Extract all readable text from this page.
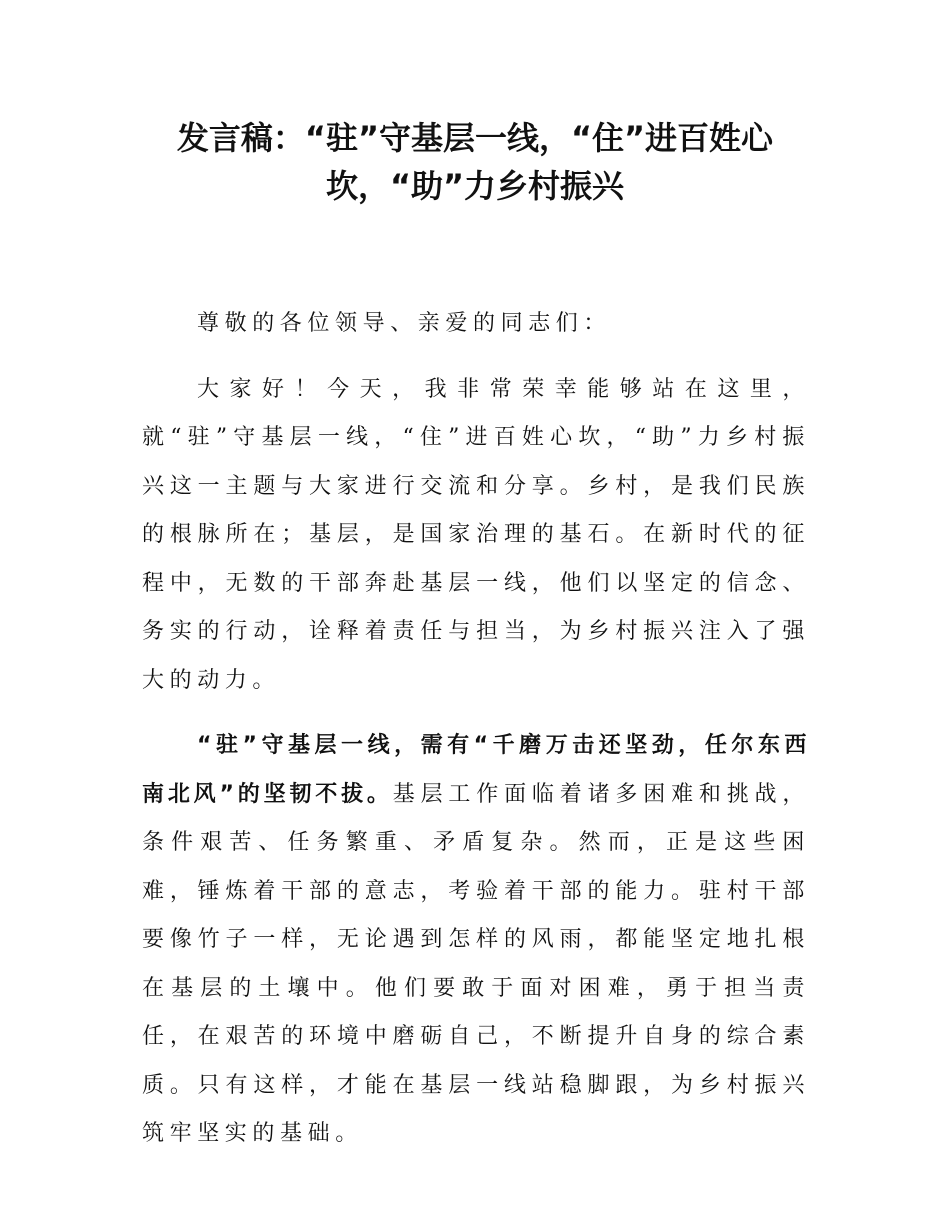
发言稿：“驻”守基层一线，“住”进百姓心坎，“助”力乡村振兴

尊敬的各位领导、亲爱的同志们：

大家好！今天，我非常荣幸能够站在这里，就“驻”守基层一线，“住”进百姓心坎，“助”力乡村振兴这一主题与大家进行交流和分享。乡村，是我们民族的根脉所在；基层，是国家治理的基石。在新时代的征程中，无数的干部奔赴基层一线，他们以坚定的信念、务实的行动，诠释着责任与担当，为乡村振兴注入了强大的动力。

“驻”守基层一线，需有“千磨万击还坚劲，任尔东西南北风”的坚韧不拔。基层工作面临着诸多困难和挑战，条件艰苦、任务繁重、矛盾复杂。然而，正是这些困难，锤炼着干部的意志，考验着干部的能力。驻村干部要像竹子一样，无论遇到怎样的风雨，都能坚定地扎根在基层的土壤中。他们要敢于面对困难，勇于担当责任，在艰苦的环境中磨砺自己，不断提升自身的综合素质。只有这样，才能在基层一线站稳脚跟，为乡村振兴筑牢坚实的基础。
